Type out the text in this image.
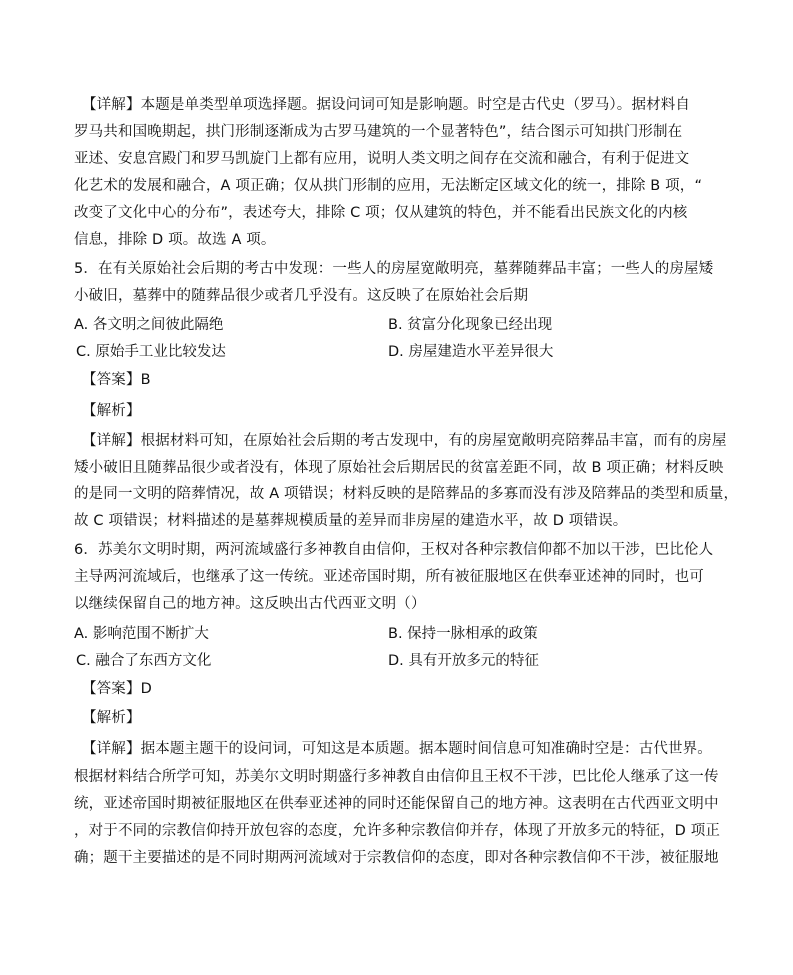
【详解】本题是单类型单项选择题。据设问词可知是影响题。时空是古代史（罗马）。据材料自
罗马共和国晚期起，拱门形制逐渐成为古罗马建筑的一个显著特色”，结合图示可知拱门形制在
亚述、安息宫殿门和罗马凯旋门上都有应用，说明人类文明之间存在交流和融合，有利于促进文
化艺术的发展和融合，A 项正确；仅从拱门形制的应用，无法断定区域文化的统一，排除 B 项，“
改变了文化中心的分布”，表述夸大，排除 C 项；仅从建筑的特色，并不能看出民族文化的内核
信息，排除 D 项。故选 A 项。
5．在有关原始社会后期的考古中发现：一些人的房屋宽敞明亮，墓葬随葬品丰富；一些人的房屋矮
小破旧，墓葬中的随葬品很少或者几乎没有。这反映了在原始社会后期
A. 各文明之间彼此隔绝	B. 贫富分化现象已经出现
C. 原始手工业比较发达	D. 房屋建造水平差异很大
【答案】B
【解析】
【详解】根据材料可知，在原始社会后期的考古发现中，有的房屋宽敞明亮陪葬品丰富，而有的房屋
矮小破旧且随葬品很少或者没有，体现了原始社会后期居民的贫富差距不同，故 B 项正确；材料反映
的是同一文明的陪葬情况，故 A 项错误；材料反映的是陪葬品的多寡而没有涉及陪葬品的类型和质量，
故 C 项错误；材料描述的是墓葬规模质量的差异而非房屋的建造水平，故 D 项错误。
6．苏美尔文明时期，两河流域盛行多神教自由信仰，王权对各种宗教信仰都不加以干涉，巴比伦人
主导两河流域后，也继承了这一传统。亚述帝国时期，所有被征服地区在供奉亚述神的同时，也可
以继续保留自己的地方神。这反映出古代西亚文明（）
A. 影响范围不断扩大	B. 保持一脉相承的政策
C. 融合了东西方文化	D. 具有开放多元的特征
【答案】D
【解析】
【详解】据本题主题干的设问词，可知这是本质题。据本题时间信息可知准确时空是：古代世界。
根据材料结合所学可知，苏美尔文明时期盛行多神教自由信仰且王权不干涉，巴比伦人继承了这一传
统，亚述帝国时期被征服地区在供奉亚述神的同时还能保留自己的地方神。这表明在古代西亚文明中
，对于不同的宗教信仰持开放包容的态度，允许多种宗教信仰并存，体现了开放多元的特征，D 项正
确；题干主要描述的是不同时期两河流域对于宗教信仰的态度，即对各种宗教信仰不干涉，被征服地
